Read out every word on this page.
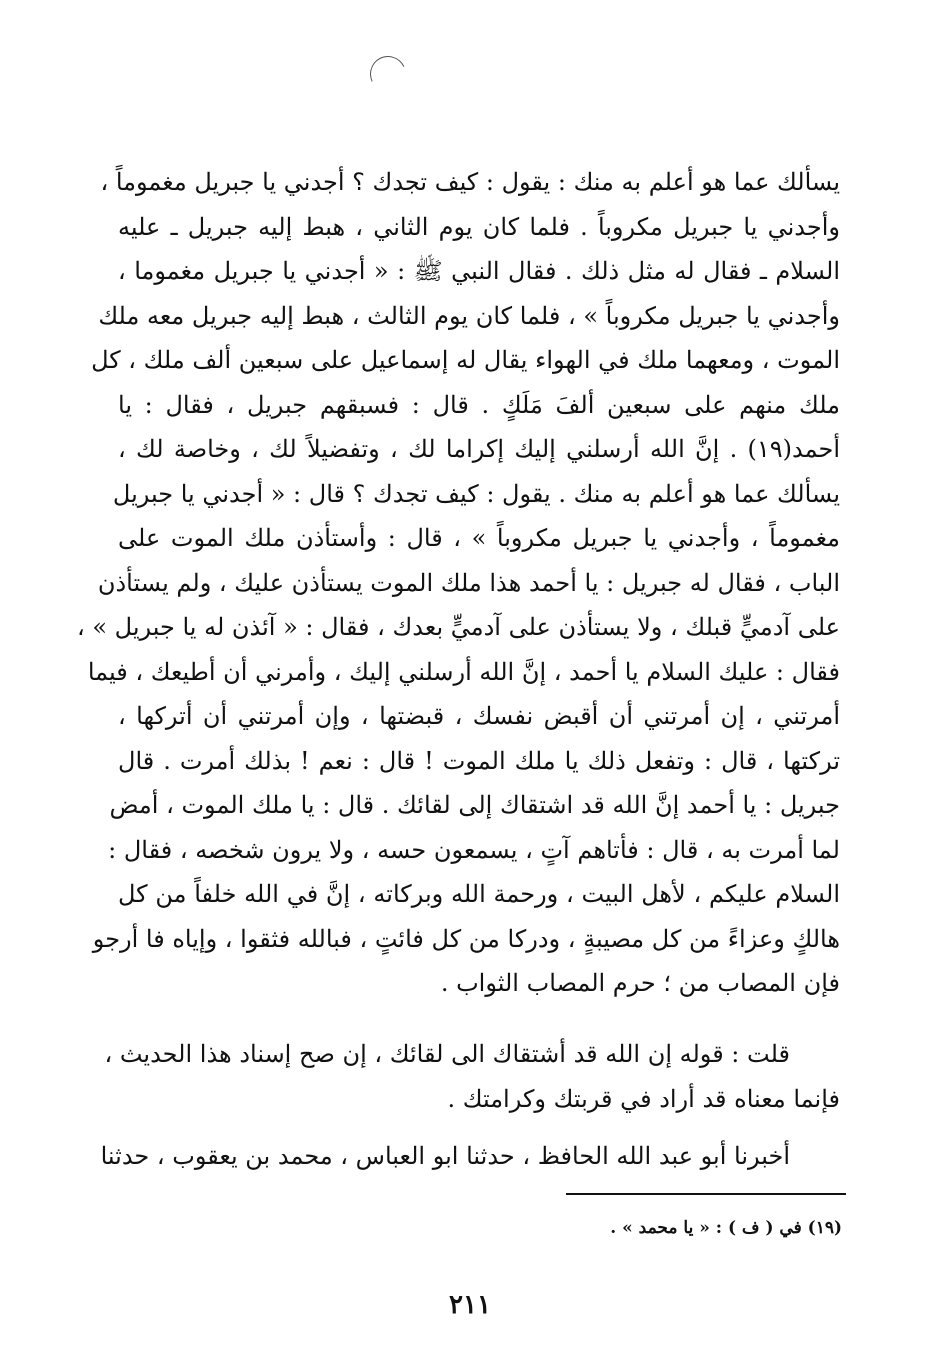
يسألك عما هو أعلم به منك : يقول : كيف تجدك ؟ أجدني يا جبريل مغموماً ،
وأجدني يا جبريل مكروباً . فلما كان يوم الثاني ، هبط إليه جبريل ـ عليه
السلام ـ فقال له مثل ذلك . فقال النبي ﷺ : « أجدني يا جبريل مغموما ،
وأجدني يا جبريل مكروباً » ، فلما كان يوم الثالث ، هبط إليه جبريل معه ملك
الموت ، ومعهما ملك في الهواء يقال له إسماعيل على سبعين ألف ملك ، كل
ملك منهم على سبعين ألفَ مَلَكٍ . قال : فسبقهم جبريل ، فقال : يا
أحمد(١٩) . إنَّ الله أرسلني إليك إكراما لك ، وتفضيلاً لك ، وخاصة لك ،
يسألك عما هو أعلم به منك . يقول : كيف تجدك ؟ قال : « أجدني يا جبريل
مغموماً ، وأجدني يا جبريل مكروباً » ، قال : وأستأذن ملك الموت على
الباب ، فقال له جبريل : يا أحمد هذا ملك الموت يستأذن عليك ، ولم يستأذن
على آدميٍّ قبلك ، ولا يستأذن على آدميٍّ بعدك ، فقال : « آئذن له يا جبريل » ،
فقال : عليك السلام يا أحمد ، إنَّ الله أرسلني إليك ، وأمرني أن أطيعك ، فيما
أمرتني ، إن أمرتني أن أقبض نفسك ، قبضتها ، وإن أمرتني أن أتركها ،
تركتها ، قال : وتفعل ذلك يا ملك الموت ! قال : نعم ! بذلك أمرت . قال
جبريل : يا أحمد إنَّ الله قد اشتقاك إلى لقائك . قال : يا ملك الموت ، أمض
لما أمرت به ، قال : فأتاهم آتٍ ، يسمعون حسه ، ولا يرون شخصه ، فقال :
السلام عليكم ، لأهل البيت ، ورحمة الله وبركاته ، إنَّ في الله خلفاً من كل
هالكٍ وعزاءً من كل مصيبةٍ ، ودركا من كل فائتٍ ، فبالله فثقوا ، وإياه فا أرجو
فإن المصاب من ؛ حرم المصاب الثواب .
قلت : قوله إن الله قد أشتقاك الى لقائك ، إن صح إسناد هذا الحديث ،
فإنما معناه قد أراد في قربتك وكرامتك .
أخبرنا أبو عبد الله الحافظ ، حدثنا ابو العباس ، محمد بن يعقوب ، حدثنا
(١٩) في ( ف ) : « يا محمد » .
٢١١
